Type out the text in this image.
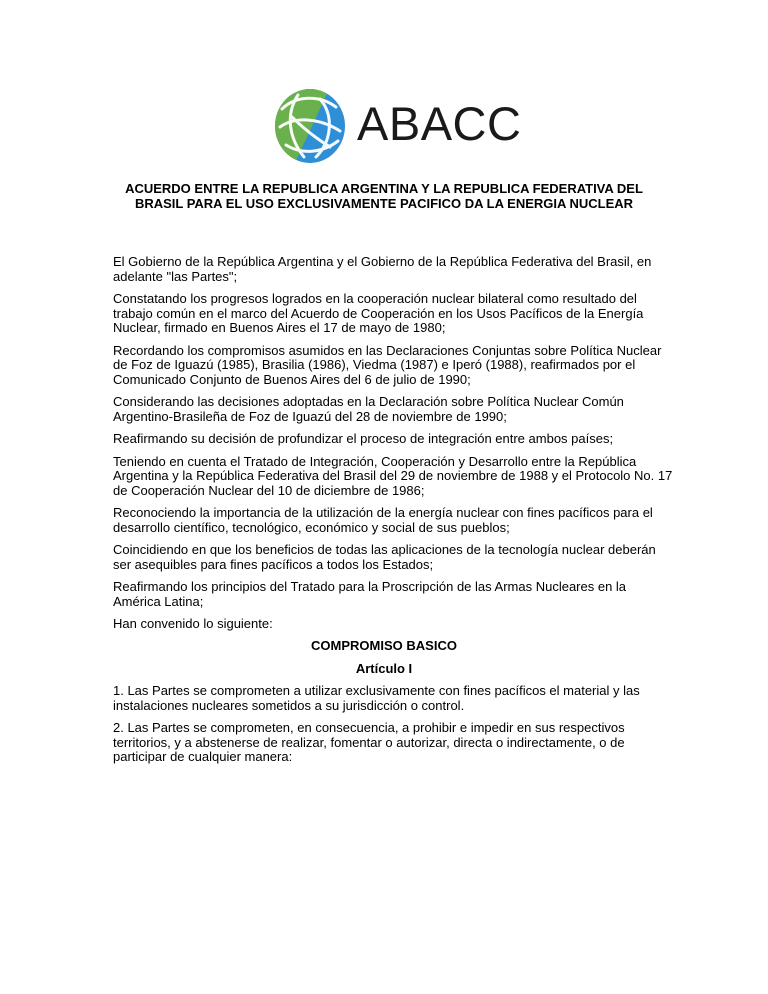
ABACC
ACUERDO ENTRE LA REPUBLICA ARGENTINA Y LA REPUBLICA FEDERATIVA DEL
BRASIL PARA EL USO EXCLUSIVAMENTE PACIFICO DA LA ENERGIA NUCLEAR

El Gobierno de la República Argentina y el Gobierno de la República Federativa del Brasil, en
adelante "las Partes";

Constatando los progresos logrados en la cooperación nuclear bilateral como resultado del
trabajo común en el marco del Acuerdo de Cooperación en los Usos Pacíficos de la Energía
Nuclear, firmado en Buenos Aires el 17 de mayo de 1980;

Recordando los compromisos asumidos en las Declaraciones Conjuntas sobre Política Nuclear
de Foz de Iguazú (1985), Brasilia (1986), Viedma (1987) e Iperó (1988), reafirmados por el
Comunicado Conjunto de Buenos Aires del 6 de julio de 1990;

Considerando las decisiones adoptadas en la Declaración sobre Política Nuclear Común
Argentino-Brasileña de Foz de Iguazú del 28 de noviembre de 1990;

Reafirmando su decisión de profundizar el proceso de integración entre ambos países;

Teniendo en cuenta el Tratado de Integración, Cooperación y Desarrollo entre la República
Argentina y la República Federativa del Brasil del 29 de noviembre de 1988 y el Protocolo No. 17
de Cooperación Nuclear del 10 de diciembre de 1986;

Reconociendo la importancia de la utilización de la energía nuclear con fines pacíficos para el
desarrollo científico, tecnológico, económico y social de sus pueblos;

Coincidiendo en que los beneficios de todas las aplicaciones de la tecnología nuclear deberán
ser asequibles para fines pacíficos a todos los Estados;

Reafirmando los principios del Tratado para la Proscripción de las Armas Nucleares en la
América Latina;

Han convenido lo siguiente:

COMPROMISO BASICO

Artículo I

1. Las Partes se comprometen a utilizar exclusivamente con fines pacíficos el material y las
instalaciones nucleares sometidos a su jurisdicción o control.

2. Las Partes se comprometen, en consecuencia, a prohibir e impedir en sus respectivos
territorios, y a abstenerse de realizar, fomentar o autorizar, directa o indirectamente, o de
participar de cualquier manera:
